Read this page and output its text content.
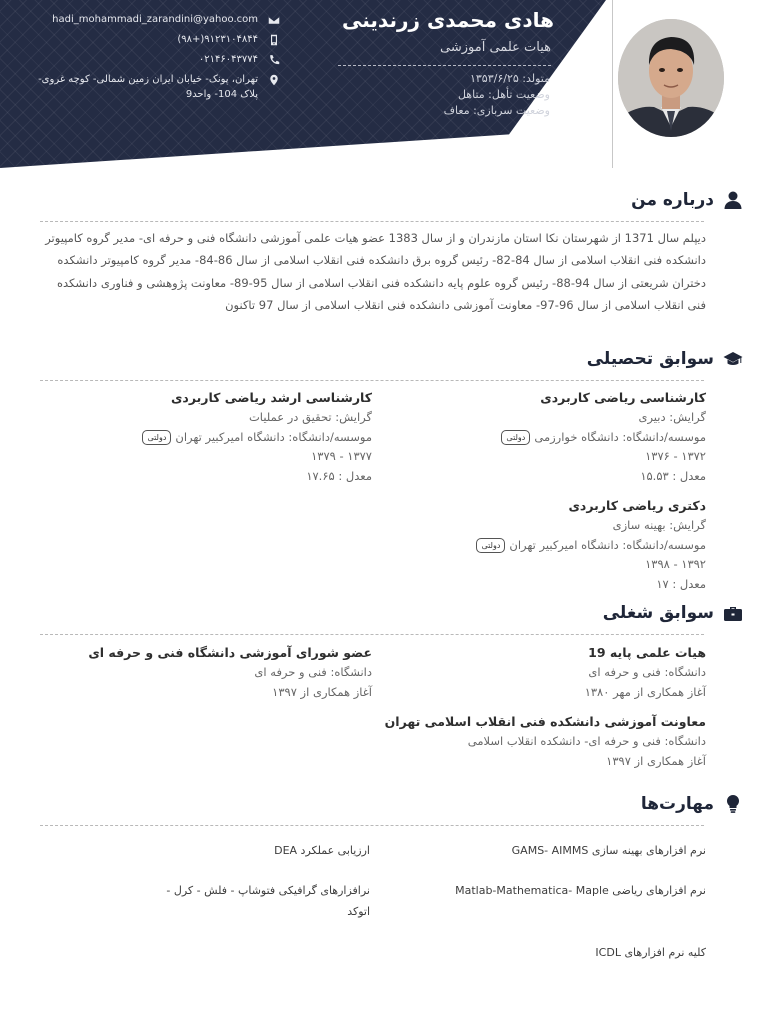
هادی محمدی زرندینی
هیات علمی آموزشی
متولد: ۱۳۵۳/۶/۲۵
وضعیت تأهل: متاهل
وضعیت سربازی: معاف
hadi_mohammadi_zarandini@yahoo.com
(۹۸+)۹۱۲۳۱۰۴۸۴۴
۰۲۱۴۶۰۴۳۷۷۴
تهران، پونک- خیابان ایران زمین شمالی- کوچه غروی- پلاک 104- واحد9
درباره من
دیپلم سال 1371 از شهرستان نکا استان مازندران و از سال 1383 عضو هیات علمی آموزشی دانشگاه فنی و حرفه ای- مدیر گروه کامپیوتر
دانشکده فنی انقلاب اسلامی از سال 84-82- رئیس گروه برق دانشکده فنی انقلاب اسلامی از سال 86-84- مدیر گروه کامپیوتر دانشکده
دختران شریعتی از سال 94-88- رئیس گروه علوم پایه دانشکده فنی انقلاب اسلامی از سال 95-89- معاونت پژوهشی و فناوری دانشکده
فنی انقلاب اسلامی از سال 96-97- معاونت آموزشی دانشکده فنی انقلاب اسلامی از سال 97 تاکنون
سوابق تحصیلی
کارشناسی ریاضی کاربردی
گرایش: دبیری
موسسه/دانشگاه: دانشگاه خوارزمیدولتی
۱۳۷۲ - ۱۳۷۶
معدل : ۱۵.۵۳
دکتری ریاضی کاربردی
گرایش: بهینه سازی
موسسه/دانشگاه: دانشگاه امیرکبیر تهراندولتی
۱۳۹۲ - ۱۳۹۸
معدل : ۱۷
کارشناسی ارشد ریاضی کاربردی
گرایش: تحقیق در عملیات
موسسه/دانشگاه: دانشگاه امیرکبیر تهراندولتی
۱۳۷۷ - ۱۳۷۹
معدل : ۱۷.۶۵
سوابق شغلی
هیات علمی پایه 19
دانشگاه: فنی و حرفه ای
آغاز همکاری از مهر ۱۳۸۰
معاونت آموزشی دانشکده فنی انقلاب اسلامی تهران
دانشگاه: فنی و حرفه ای- دانشکده انقلاب اسلامی
آغاز همکاری از ۱۳۹۷
عضو شورای آموزشی دانشگاه فنی و حرفه ای
دانشگاه: فنی و حرفه ای
آغاز همکاری از ۱۳۹۷
مهارت‌ها
نرم افزارهای بهینه سازی GAMS- AIMMS
ارزیابی عملکرد DEA
نرم افزارهای ریاضی Matlab-Mathematica- Maple
نرافزارهای گرافیکی فتوشاپ - فلش - کرل - اتوکد
کلیه نرم افزارهای ICDL
